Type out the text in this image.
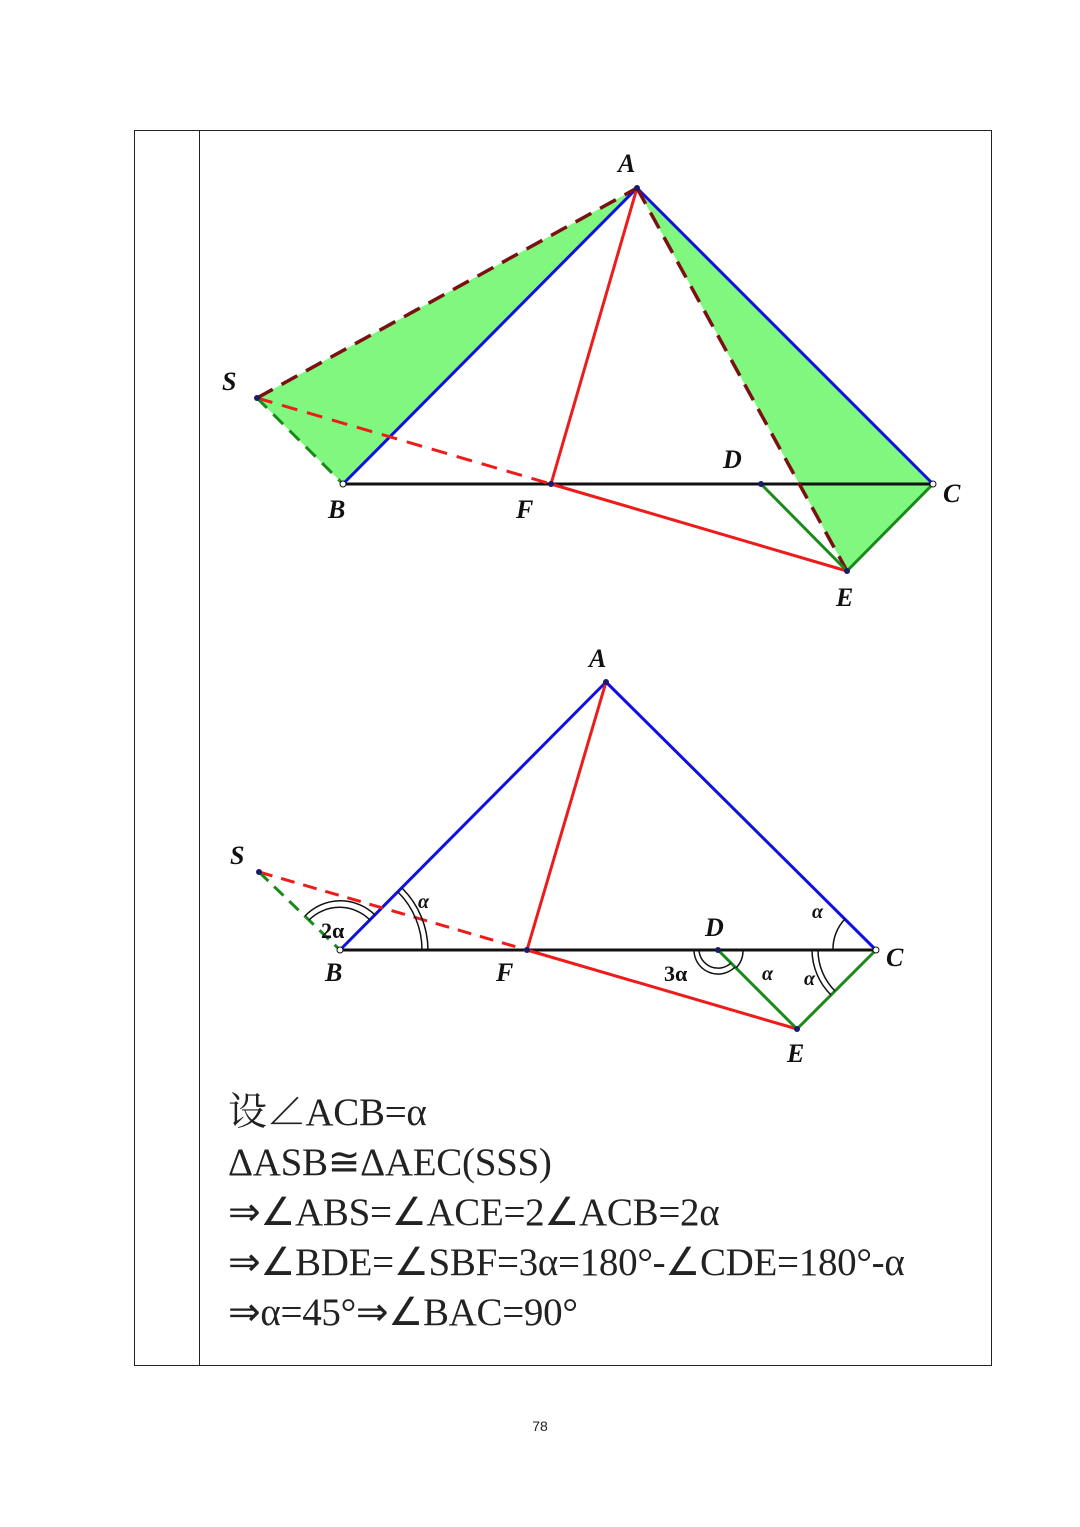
A
S
B	F
D
C
E
A
S
B	F
D
C
E
α
2α
α
3α	α α
设∠ACB=α
ΔASB≅ΔAEC(SSS)
⇒∠ABS=∠ACE=2∠ACB=2α
⇒∠BDE=∠SBF=3α=180°-∠CDE=180°-α
⇒α=45°⇒∠BAC=90°
78
